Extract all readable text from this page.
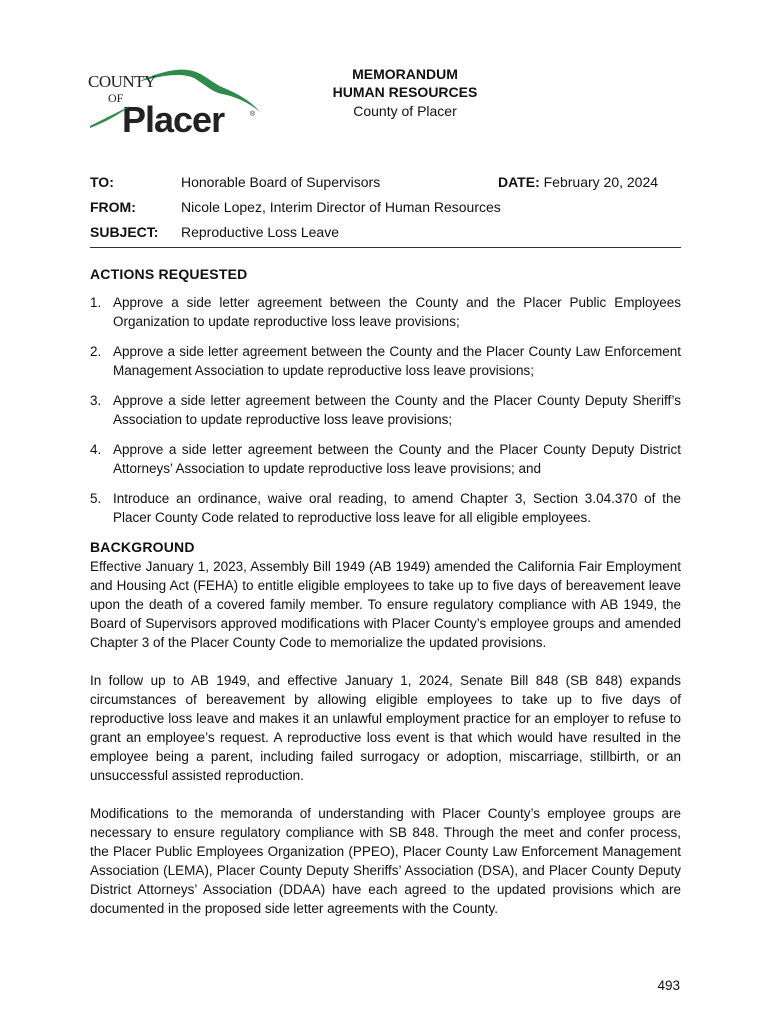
COUNTY
OF
Placer	®
MEMORANDUM
HUMAN RESOURCES
County of Placer
TO:	Honorable Board of Supervisors	DATE: February 20, 2024
FROM:	Nicole Lopez, Interim Director of Human Resources
SUBJECT: Reproductive Loss Leave
ACTIONS REQUESTED
1. Approve a side letter agreement between the County and the Placer Public Employees Organization to update reproductive loss leave provisions;
2. Approve a side letter agreement between the County and the Placer County Law Enforcement Management Association to update reproductive loss leave provisions;
3. Approve a side letter agreement between the County and the Placer County Deputy Sheriff’s Association to update reproductive loss leave provisions;
4. Approve a side letter agreement between the County and the Placer County Deputy District Attorneys’ Association to update reproductive loss leave provisions; and
5. Introduce an ordinance, waive oral reading, to amend Chapter 3, Section 3.04.370 of the Placer County Code related to reproductive loss leave for all eligible employees.
BACKGROUND

Effective January 1, 2023, Assembly Bill 1949 (AB 1949) amended the California Fair Employment and Housing Act (FEHA) to entitle eligible employees to take up to five days of bereavement leave upon the death of a covered family member. To ensure regulatory compliance with AB 1949, the Board of Supervisors approved modifications with Placer County’s employee groups and amended Chapter 3 of the Placer County Code to memorialize the updated provisions.

In follow up to AB 1949, and effective January 1, 2024, Senate Bill 848 (SB 848) expands circumstances of bereavement by allowing eligible employees to take up to five days of reproductive loss leave and makes it an unlawful employment practice for an employer to refuse to grant an employee’s request. A reproductive loss event is that which would have resulted in the employee being a parent, including failed surrogacy or adoption, miscarriage, stillbirth, or an unsuccessful assisted reproduction.

Modifications to the memoranda of understanding with Placer County’s employee groups are necessary to ensure regulatory compliance with SB 848. Through the meet and confer process, the Placer Public Employees Organization (PPEO), Placer County Law Enforcement Management Association (LEMA), Placer County Deputy Sheriffs’ Association (DSA), and Placer County Deputy District Attorneys’ Association (DDAA) have each agreed to the updated provisions which are documented in the proposed side letter agreements with the County.

493
